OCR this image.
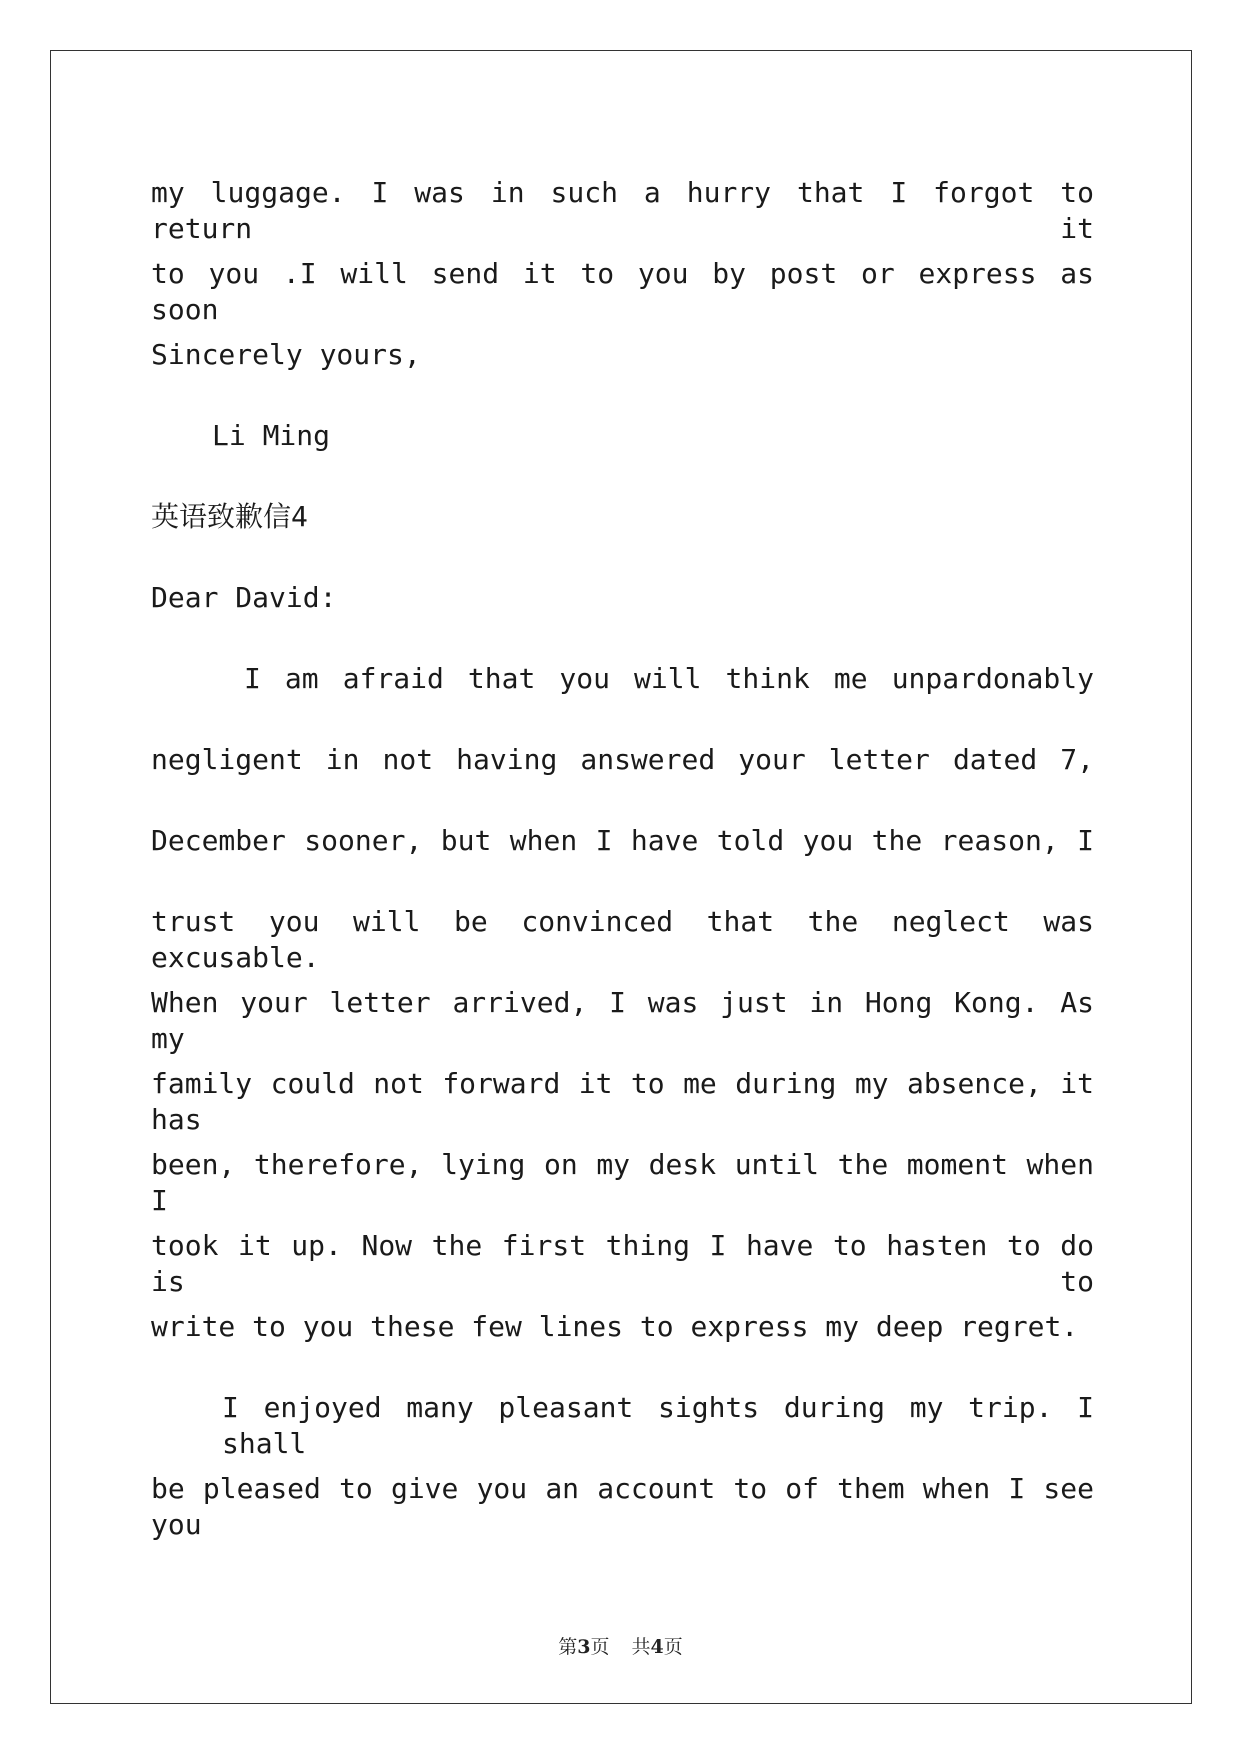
my luggage. I was in such a hurry that I forgot to return it
to you .I will send it to you by post or express as soon
Sincerely yours,
Li Ming
英语致歉信4
Dear David:
I am afraid that you will think me unpardonably
negligent in not having answered your letter dated 7,
December sooner, but when I have told you the reason, I
trust you will be convinced that the neglect was excusable.
When your letter arrived, I was just in Hong Kong. As my
family could not forward it to me during my absence, it has
been, therefore, lying on my desk until the moment when I
took it up. Now the first thing I have to hasten to do is to
write to you these few lines to express my deep regret.
I enjoyed many pleasant sights during my trip. I shall
be pleased to give you an account to of them when I see you
第3页 共4页
